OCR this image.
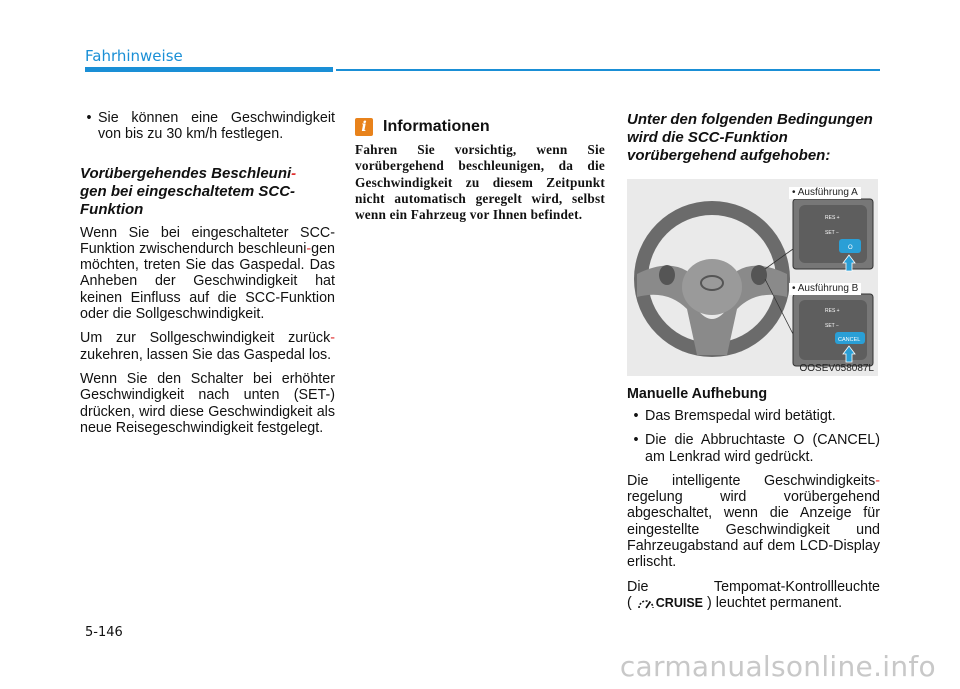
Fahrhinweise
• Sie können eine Geschwindigkeit von bis zu 30 km/h festlegen.
Vorübergehendes Beschleuni-
gen bei eingeschaltetem SCC-Funktion

Wenn Sie bei eingeschalteter SCC-Funktion zwischendurch beschleuni-gen möchten, treten Sie das Gaspedal. Das Anheben der Geschwindigkeit hat keinen Einfluss auf die SCC-Funktion oder die Sollgeschwindigkeit.

Um zur Sollgeschwindigkeit zurück-zukehren, lassen Sie das Gaspedal los.

Wenn Sie den Schalter bei erhöhter Geschwindigkeit nach unten (SET-) drücken, wird diese Geschwindigkeit als neue Reisegeschwindigkeit festgelegt.

i	Informationen

Fahren Sie vorsichtig, wenn Sie vorübergehend beschleunigen, da die Geschwindigkeit zu diesem Zeitpunkt nicht automatisch geregelt wird, selbst wenn ein Fahrzeug vor Ihnen befindet.

Unter den folgenden Bedingungen wird die SCC-Funktion vorübergehend aufgehoben:
RES +
SET −
O
RES +
SET −
CANCEL
• Ausführung A
• Ausführung B
OOSEV058087L
Manuelle Aufhebung
• Das Bremspedal wird betätigt.
• Die die Abbruchtaste O (CANCEL) am Lenkrad wird gedrückt.

Die intelligente Geschwindigkeits-regelung wird vorübergehend abgeschaltet, wenn die Anzeige für eingestellte Geschwindigkeit und Fahrzeugabstand auf dem LCD-Display erlischt.

Die Tempomat-Kontrollleuchte

( CRUISE ) leuchtet permanent.
5-146
carmanualsonline.info
